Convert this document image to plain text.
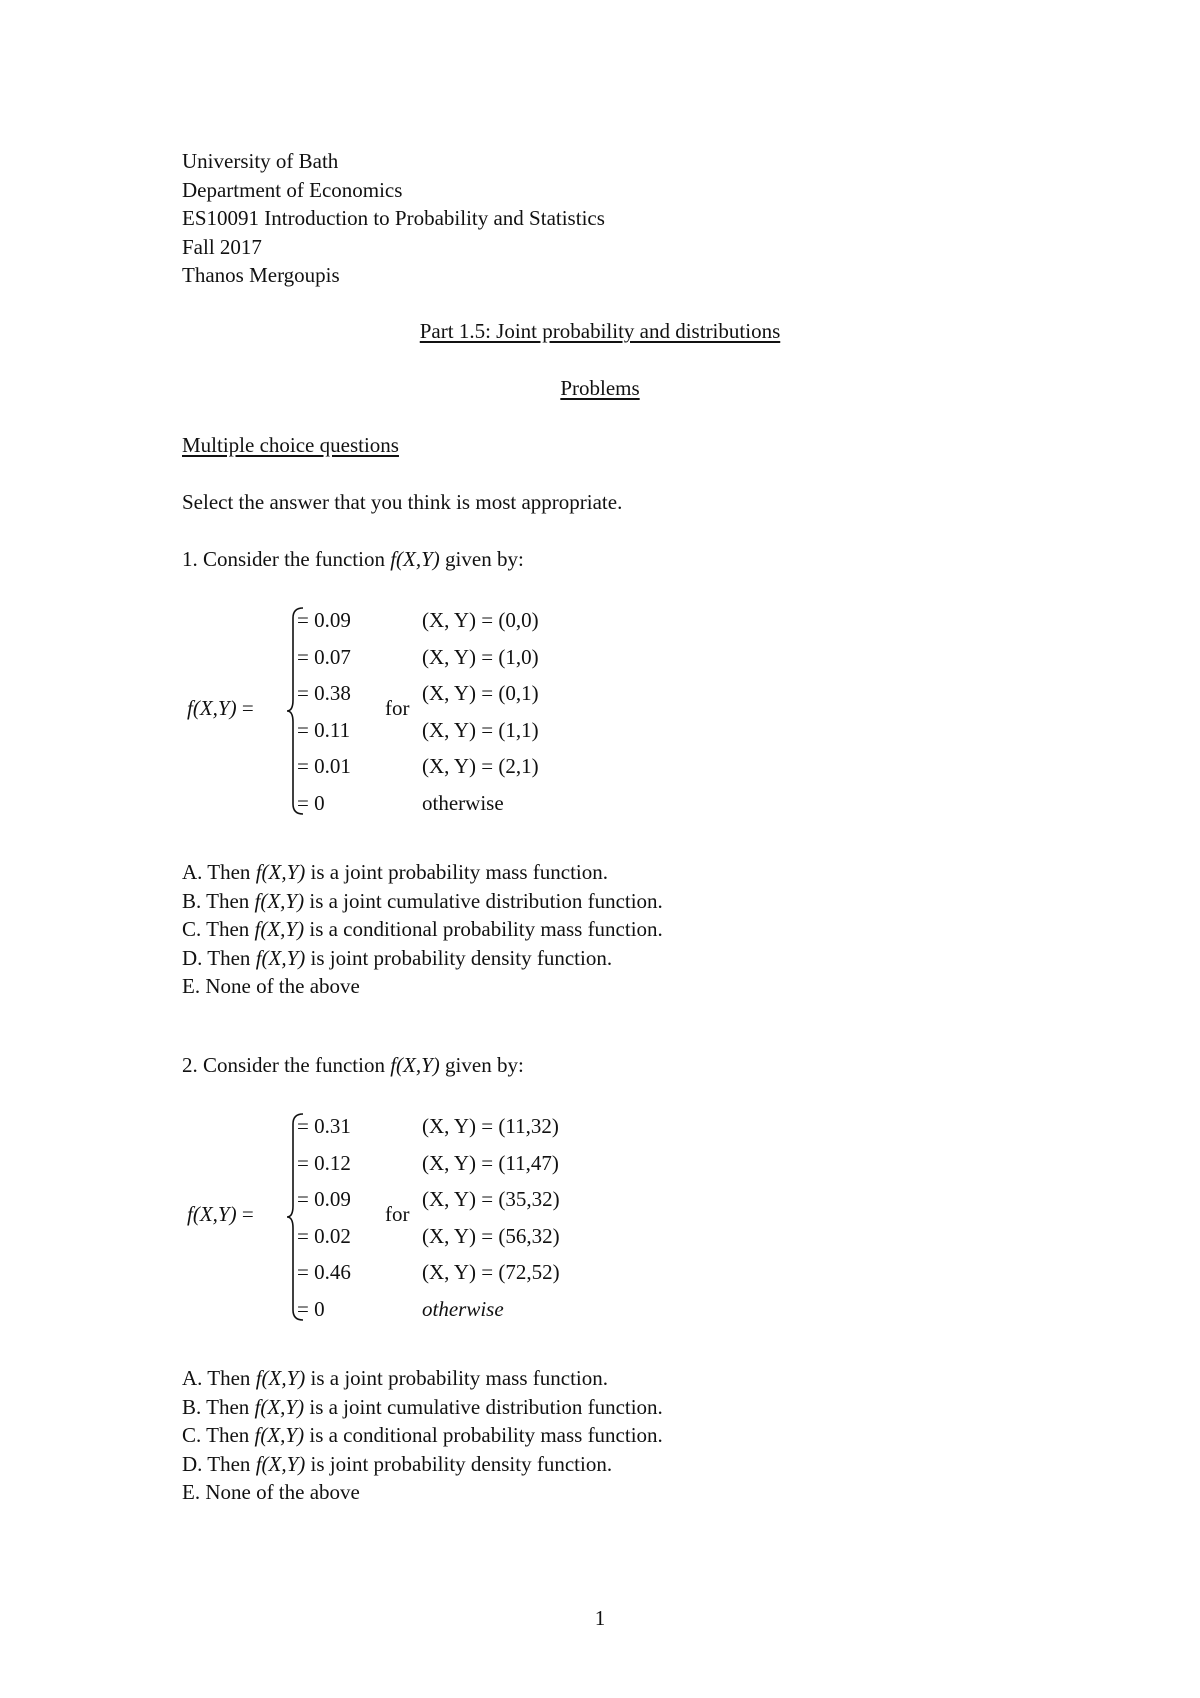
University of Bath
Department of Economics
ES10091 Introduction to Probability and Statistics
Fall 2017
Thanos Mergoupis
Part 1.5: Joint probability and distributions
Problems
Multiple choice questions
Select the answer that you think is most appropriate.
1. Consider the function f(X,Y) given by:
f(X,Y) =
= 0.09
= 0.07
= 0.38
= 0.11
= 0.01
= 0
for
(X, Y) = (0,0)
(X, Y) = (1,0)
(X, Y) = (0,1)
(X, Y) = (1,1)
(X, Y) = (2,1)
otherwise
A. Then f(X,Y) is a joint probability mass function.
B. Then f(X,Y) is a joint cumulative distribution function.
C. Then f(X,Y) is a conditional probability mass function.
D. Then f(X,Y) is joint probability density function.
E. None of the above
2. Consider the function f(X,Y) given by:
f(X,Y) =
= 0.31
= 0.12
= 0.09
= 0.02
= 0.46
= 0
for
(X, Y) = (11,32)
(X, Y) = (11,47)
(X, Y) = (35,32)
(X, Y) = (56,32)
(X, Y) = (72,52)
otherwise
A. Then f(X,Y) is a joint probability mass function.
B. Then f(X,Y) is a joint cumulative distribution function.
C. Then f(X,Y) is a conditional probability mass function.
D. Then f(X,Y) is joint probability density function.
E. None of the above
1
